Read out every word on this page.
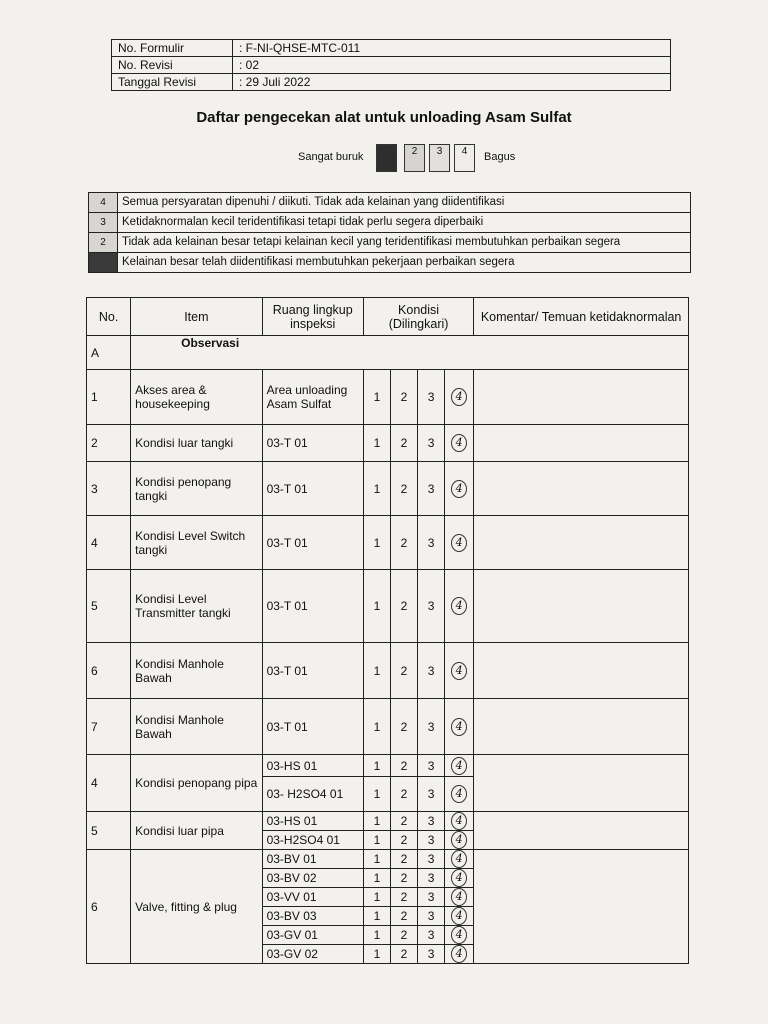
No. Formulir	: F-NI-QHSE-MTC-011
No. Revisi	: 02
Tanggal Revisi	: 29 Juli 2022
Daftar pengecekan alat untuk unloading Asam Sulfat
Sangat buruk	2	3	4	Bagus
4	Semua persyaratan dipenuhi / diikuti. Tidak ada kelainan yang diidentifikasi
3	Ketidaknormalan kecil teridentifikasi tetapi tidak perlu segera diperbaiki
2	Tidak ada kelainan besar tetapi kelainan kecil yang teridentifikasi membutuhkan perbaikan segera
	Kelainan besar telah diidentifikasi membutuhkan pekerjaan perbaikan segera
No.	Item	Ruang lingkup inspeksi	Kondisi (Dilingkari)				Komentar/ Temuan ketidaknormalan
A	Observasi						
1	Akses area & housekeeping	Area unloading Asam Sulfat	1	2	3	4	
2	Kondisi luar tangki	03-T 01	1	2	3	4	
3	Kondisi penopang tangki	03-T 01	1	2	3	4	
4	Kondisi Level Switch tangki	03-T 01	1	2	3	4	
5	Kondisi Level Transmitter tangki	03-T 01	1	2	3	4	
6	Kondisi Manhole Bawah	03-T 01	1	2	3	4	
7	Kondisi Manhole Bawah	03-T 01	1	2	3	4	
4	Kondisi penopang pipa	03-HS 01	1	2	3	4	
		03- H2SO4 01	1	2	3	4	
5	Kondisi luar pipa	03-HS 01	1	2	3	4	
		03-H2SO4 01	1	2	3	4	
6	Valve, fitting & plug	03-BV 01	1	2	3	4	
		03-BV 02	1	2	3	4	
		03-VV 01	1	2	3	4	
		03-BV 03	1	2	3	4	
		03-GV 01	1	2	3	4	
		03-GV 02	1	2	3	4	
